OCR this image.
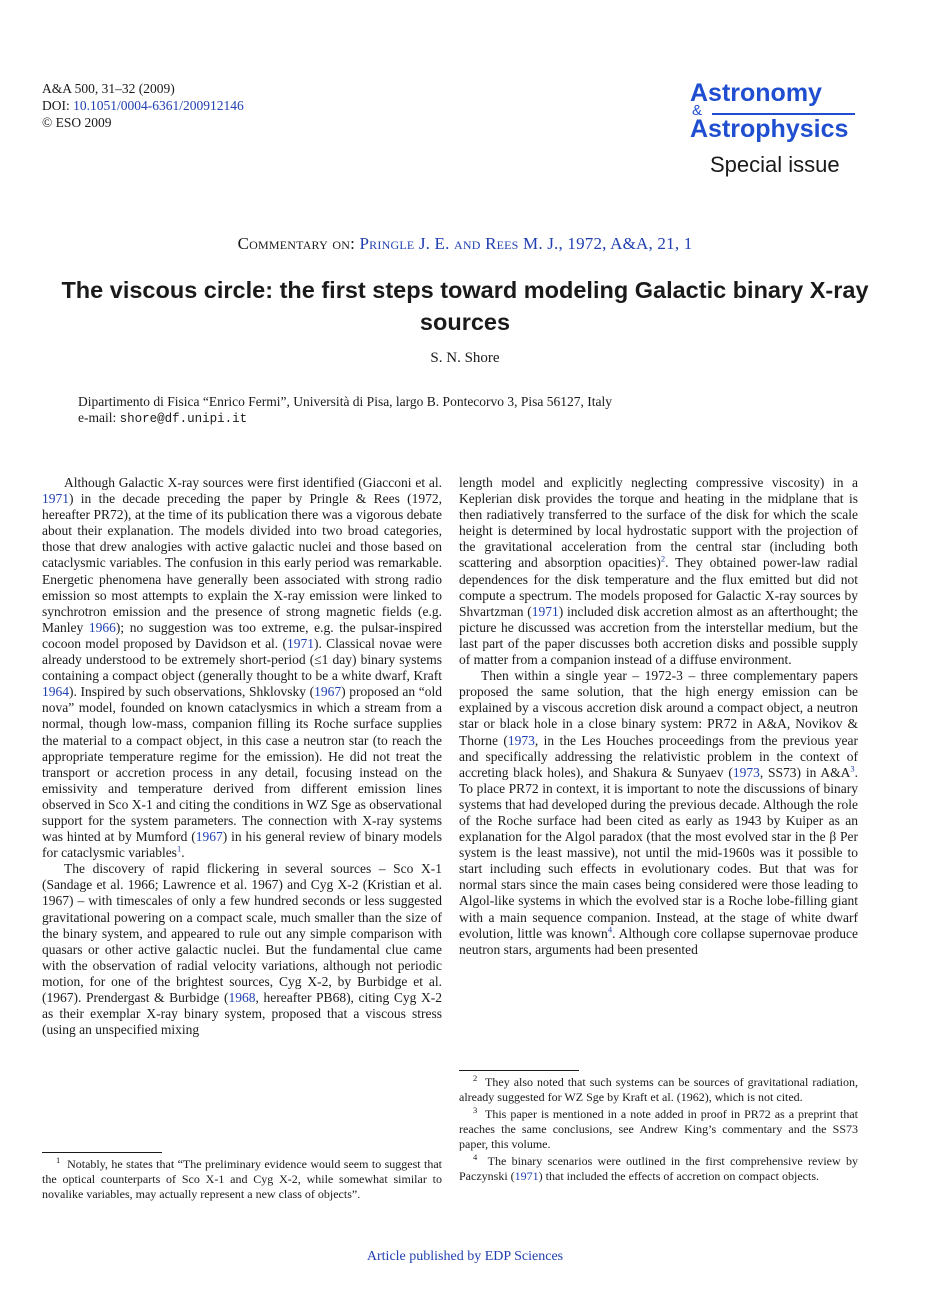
A&A 500, 31–32 (2009)
DOI: 10.1051/0004-6361/200912146
© ESO 2009
Astronomy
&
Astrophysics
Special issue
Commentary on: Pringle J. E. and Rees M. J., 1972, A&A, 21, 1
The viscous circle: the first steps toward modeling Galactic binary X-ray sources
S. N. Shore
Dipartimento di Fisica “Enrico Fermi”, Università di Pisa, largo B. Pontecorvo 3, Pisa 56127, Italy
e-mail: shore@df.unipi.it

Although Galactic X-ray sources were first identified (Giacconi et al. 1971) in the decade preceding the paper by Pringle & Rees (1972, hereafter PR72), at the time of its publication there was a vigorous debate about their explanation. The models divided into two broad categories, those that drew analogies with active galactic nuclei and those based on cataclysmic variables. The confusion in this early period was remarkable. Energetic phenomena have generally been associated with strong radio emission so most attempts to explain the X-ray emission were linked to synchrotron emission and the presence of strong magnetic fields (e.g. Manley 1966); no suggestion was too extreme, e.g. the pulsar-inspired cocoon model proposed by Davidson et al. (1971). Classical novae were already understood to be extremely short-period (≤1 day) binary systems containing a compact object (generally thought to be a white dwarf, Kraft 1964). Inspired by such observations, Shklovsky (1967) proposed an “old nova” model, founded on known cataclysmics in which a stream from a normal, though low-mass, companion filling its Roche surface supplies the material to a compact object, in this case a neutron star (to reach the appropriate temperature regime for the emission). He did not treat the transport or accretion process in any detail, focusing instead on the emissivity and temperature derived from different emission lines observed in Sco X-1 and citing the conditions in WZ Sge as observational support for the system parameters. The connection with X-ray systems was hinted at by Mumford (1967) in his general review of binary models for cataclysmic variables$^1$.

The discovery of rapid flickering in several sources – Sco X-1 (Sandage et al. 1966; Lawrence et al. 1967) and Cyg X-2 (Kristian et al. 1967) – with timescales of only a few hundred seconds or less suggested gravitational powering on a compact scale, much smaller than the size of the binary system, and appeared to rule out any simple comparison with quasars or other active galactic nuclei. But the fundamental clue came with the observation of radial velocity variations, although not periodic motion, for one of the brightest sources, Cyg X-2, by Burbidge et al. (1967). Prendergast & Burbidge (1968, hereafter PB68), citing Cyg X-2 as their exemplar X-ray binary system, proposed that a viscous stress (using an unspecified mixing

length model and explicitly neglecting compressive viscosity) in a Keplerian disk provides the torque and heating in the midplane that is then radiatively transferred to the surface of the disk for which the scale height is determined by local hydrostatic support with the projection of the gravitational acceleration from the central star (including both scattering and absorption opacities)$^2$. They obtained power-law radial dependences for the disk temperature and the flux emitted but did not compute a spectrum. The models proposed for Galactic X-ray sources by Shvartzman (1971) included disk accretion almost as an afterthought; the picture he discussed was accretion from the interstellar medium, but the last part of the paper discusses both accretion disks and possible supply of matter from a companion instead of a diffuse environment.

Then within a single year – 1972-3 – three complementary papers proposed the same solution, that the high energy emission can be explained by a viscous accretion disk around a compact object, a neutron star or black hole in a close binary system: PR72 in A&A, Novikov & Thorne (1973, in the Les Houches proceedings from the previous year and specifically addressing the relativistic problem in the context of accreting black holes), and Shakura & Sunyaev (1973, SS73) in $A\&A^3$. To place PR72 in context, it is important to note the discussions of binary systems that had developed during the previous decade. Although the role of the Roche surface had been cited as early as 1943 by Kuiper as an explanation for the Algol paradox (that the most evolved star in the β Per system is the least massive), not until the mid-1960s was it possible to start including such effects in evolutionary codes. But that was for normal stars since the main cases being considered were those leading to Algol-like systems in which the evolved star is a Roche lobe-filling giant with a main sequence companion. Instead, at the stage of white dwarf evolution, little was known$^4$. Although core collapse supernovae produce neutron stars, arguments had been presented

$^1$ Notably, he states that “The preliminary evidence would seem to suggest that the optical counterparts of Sco X-1 and Cyg X-2, while somewhat similar to novalike variables, may actually represent a new class of objects”.

$^2$ They also noted that such systems can be sources of gravitational radiation, already suggested for WZ Sge by Kraft et al. (1962), which is not cited.

$^3$ This paper is mentioned in a note added in proof in PR72 as a preprint that reaches the same conclusions, see Andrew King’s commentary and the SS73 paper, this volume.

$^4$ The binary scenarios were outlined in the first comprehensive review by Paczynski (1971) that included the effects of accretion on compact objects.

Article published by EDP Sciences
